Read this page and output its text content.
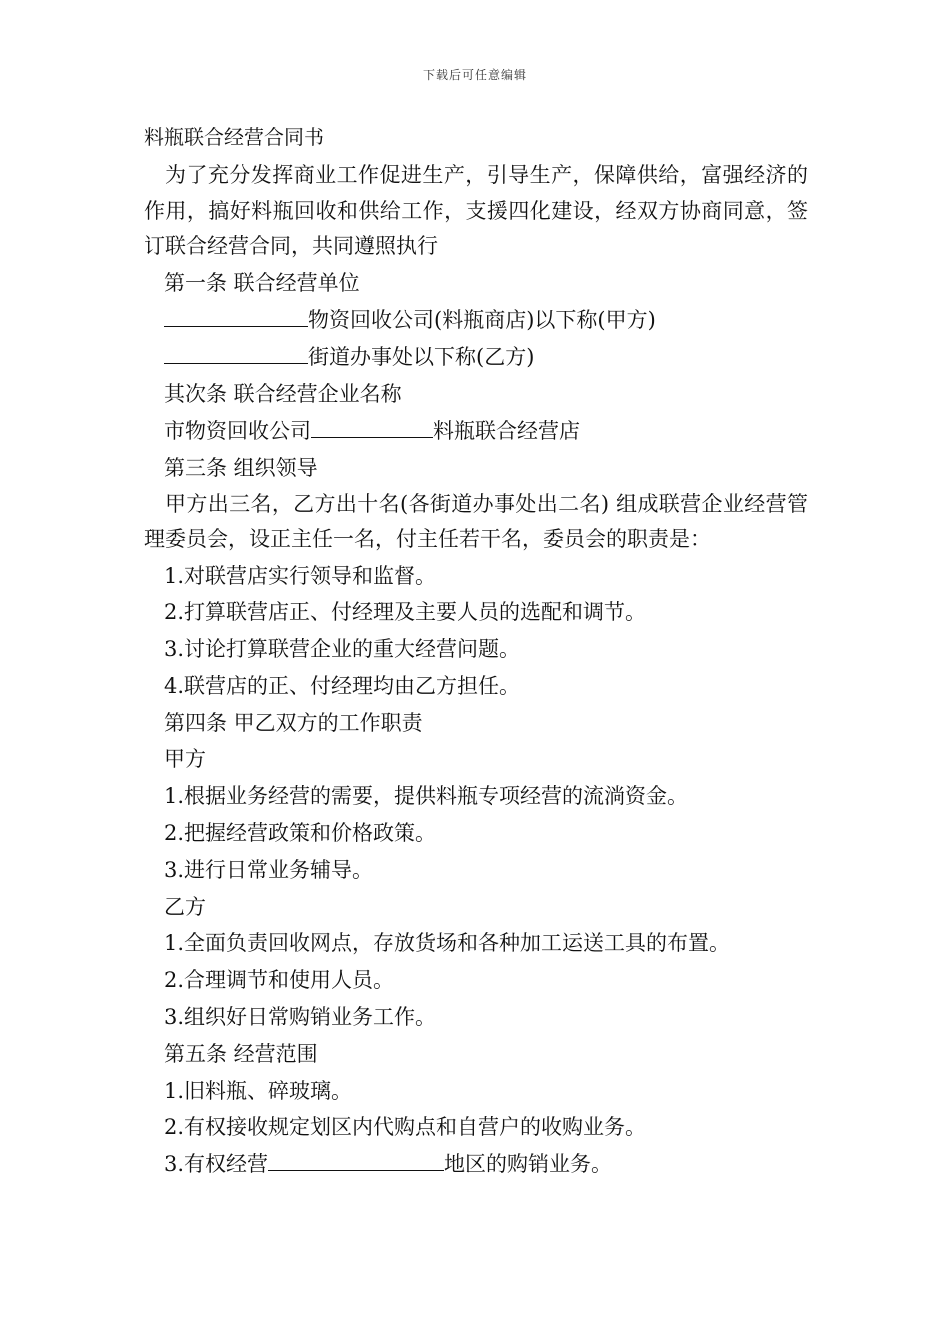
下载后可任意编辑
料瓶联合经营合同书

为了充分发挥商业工作促进生产，引导生产，保障供给，富强经济的作用，搞好料瓶回收和供给工作，支援四化建设，经双方协商同意，签订联合经营合同，共同遵照执行

第一条 联合经营单位

物资回收公司(料瓶商店)以下称(甲方)

街道办事处以下称(乙方)

其次条 联合经营企业名称

市物资回收公司	料瓶联合经营店

第三条 组织领导

甲方出三名，乙方出十名(各街道办事处出二名) 组成联营企业经营管理委员会，设正主任一名，付主任若干名，委员会的职责是：

1.对联营店实行领导和监督。

2.打算联营店正、付经理及主要人员的选配和调节。

3.讨论打算联营企业的重大经营问题。

4.联营店的正、付经理均由乙方担任。

第四条 甲乙双方的工作职责

甲方

1.根据业务经营的需要，提供料瓶专项经营的流淌资金。

2.把握经营政策和价格政策。

3.进行日常业务辅导。

乙方

1.全面负责回收网点，存放货场和各种加工运送工具的布置。

2.合理调节和使用人员。

3.组织好日常购销业务工作。

第五条 经营范围

1.旧料瓶、碎玻璃。

2.有权接收规定划区内代购点和自营户的收购业务。

3.有权经营	地区的购销业务。
